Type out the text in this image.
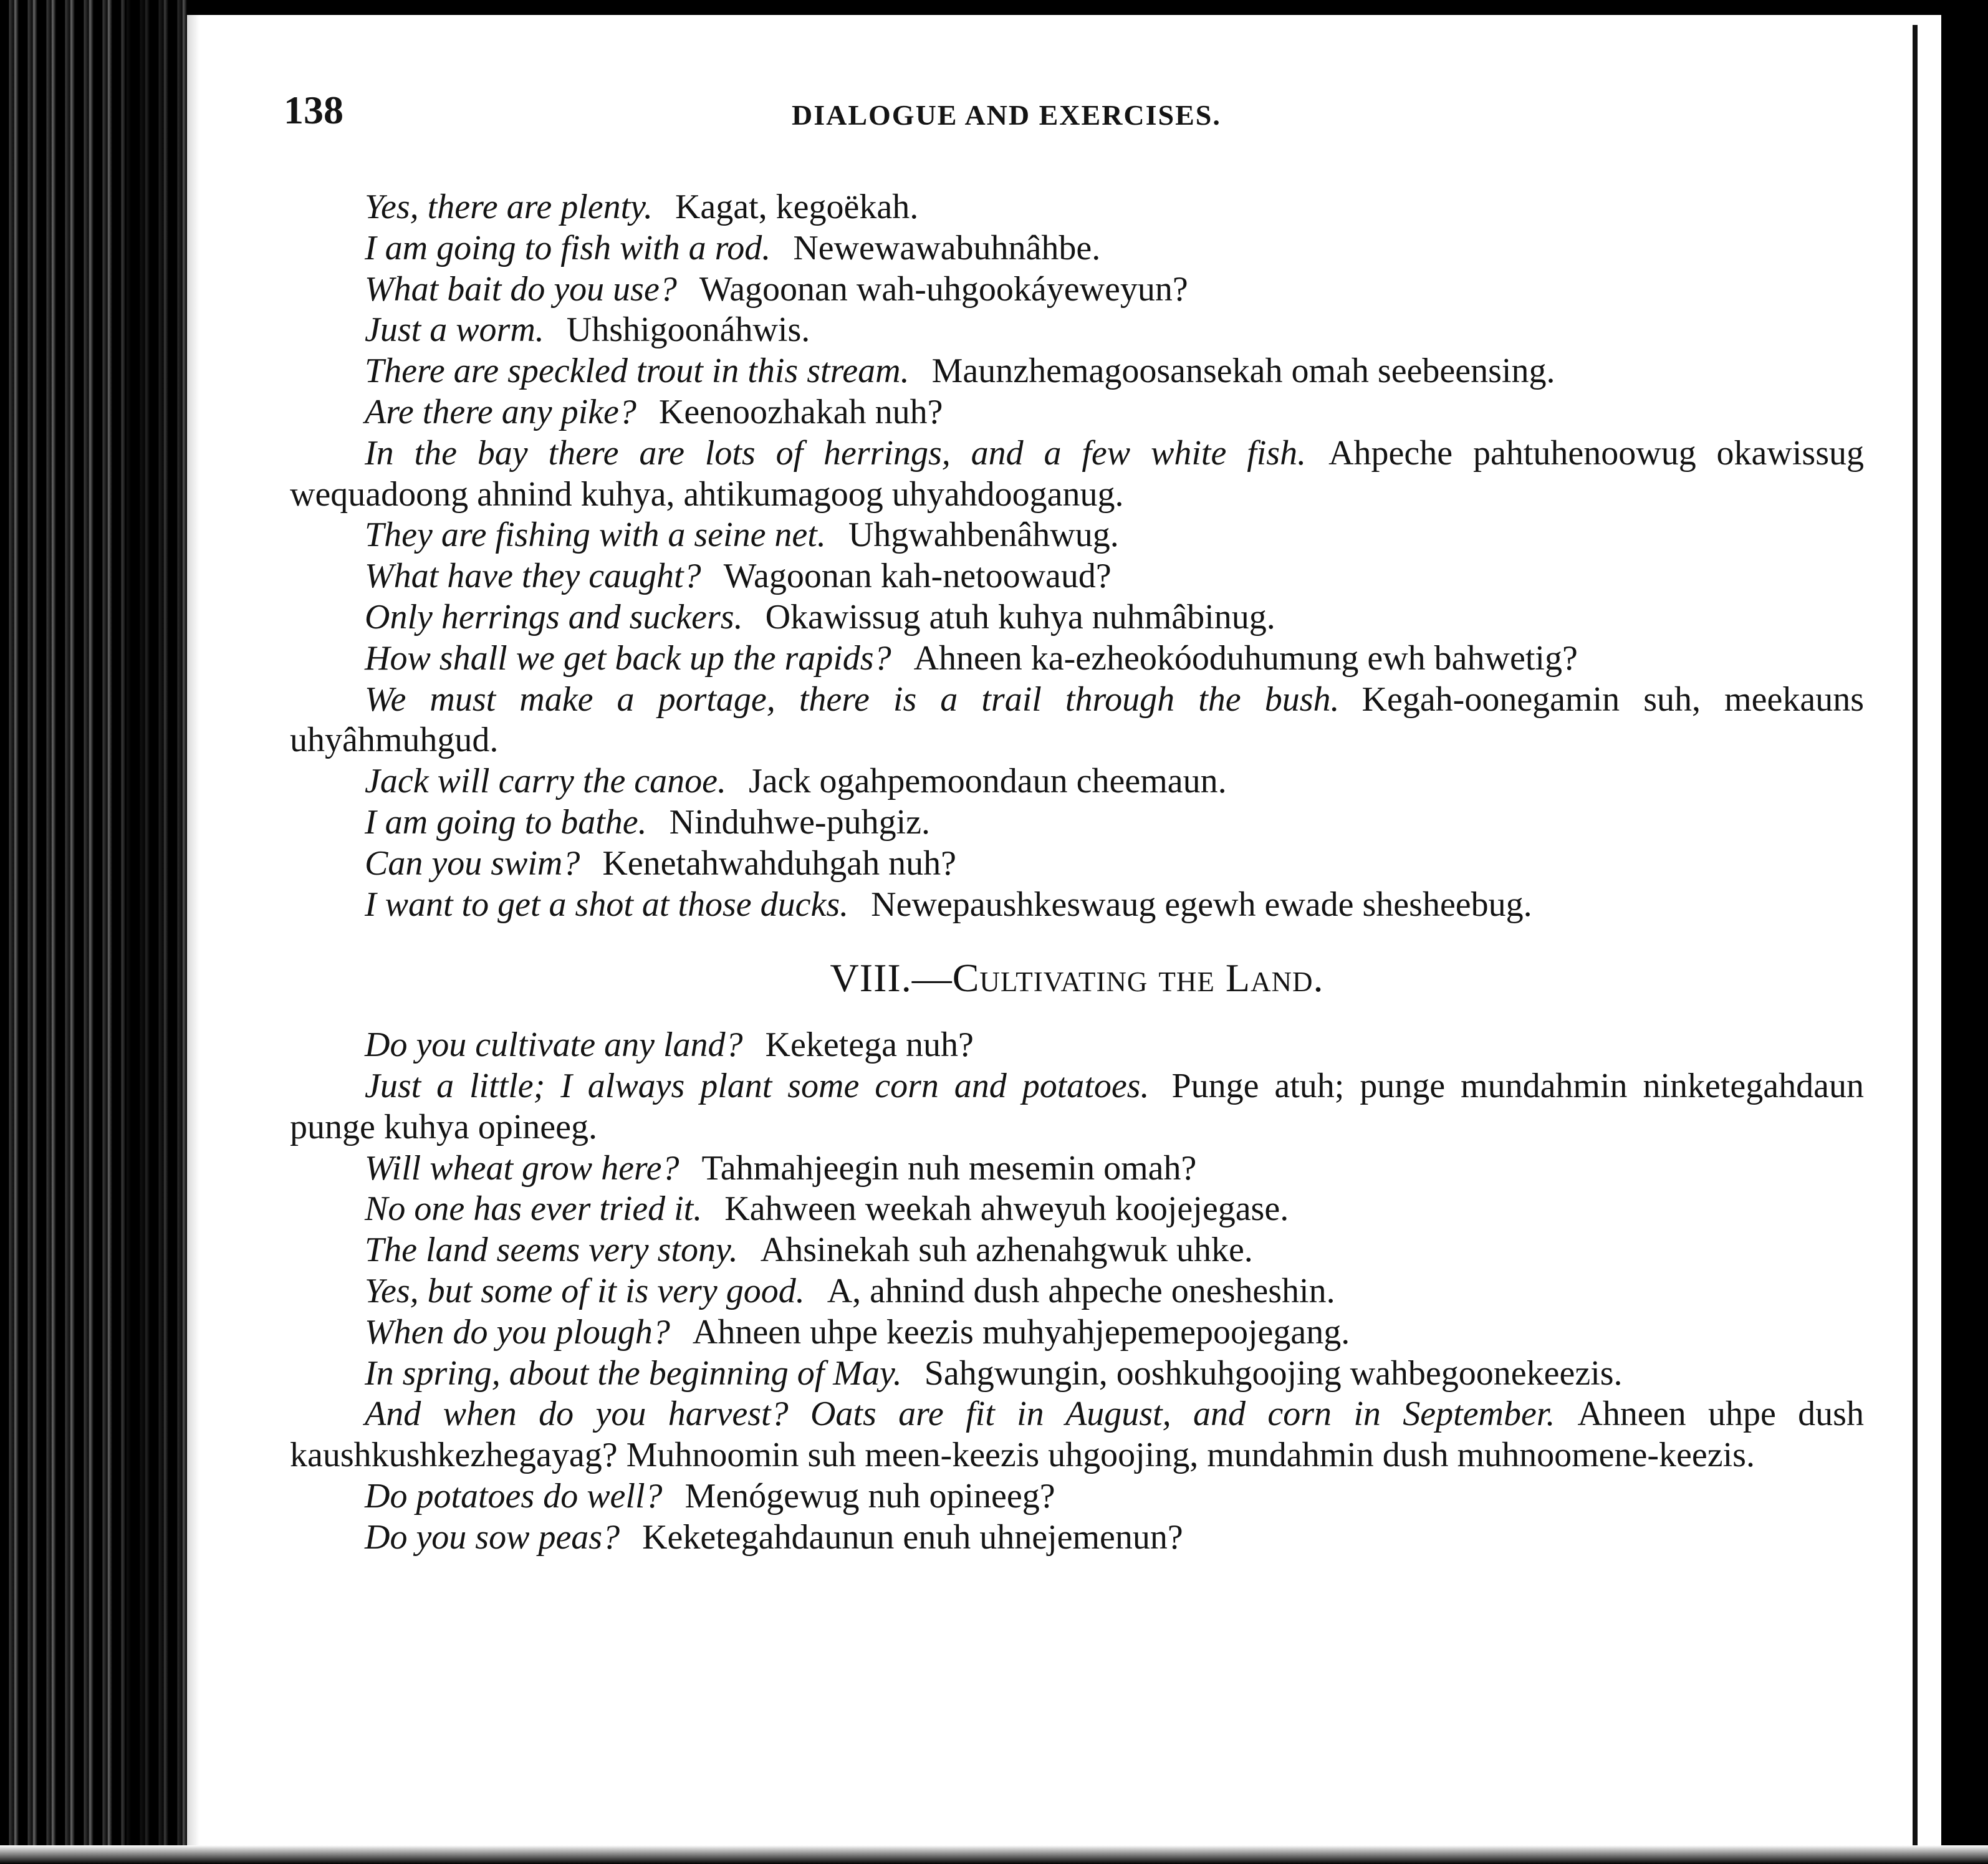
138	DIALOGUE AND EXERCISES.
Yes, there are plenty. Kagat, kegoëkah.
I am going to fish with a rod. Newewawabuhnâhbe.
What bait do you use? Wagoonan wah-uhgookáyeweyun?
Just a worm. Uhshigoonáhwis.
There are speckled trout in this stream. Maunzhemagoosansekah omah seebeensing.
Are there any pike? Keenoozhakah nuh?
In the bay there are lots of herrings, and a few white fish. Ahpeche pahtuhenoowug okawissug wequadoong ahnind kuhya, ahtikumagoog uhyahdooganug.
They are fishing with a seine net. Uhgwahbenâhwug.
What have they caught? Wagoonan kah-netoowaud?
Only herrings and suckers. Okawissug atuh kuhya nuhmâbinug.
How shall we get back up the rapids? Ahneen ka-ezheokóoduhumung ewh bahwetig?
We must make a portage, there is a trail through the bush. Kegah-oonegamin suh, meekauns uhyâhmuhgud.
Jack will carry the canoe. Jack ogahpemoondaun cheemaun.
I am going to bathe. Ninduhwe-puhgiz.
Can you swim? Kenetahwahduhgah nuh?
I want to get a shot at those ducks. Newepaushkeswaug egewh ewade shesheebug.
VIII.—Cultivating the Land.
Do you cultivate any land? Keketega nuh?
Just a little; I always plant some corn and potatoes. Punge atuh; punge mundahmin ninketegahdaun punge kuhya opineeg.
Will wheat grow here? Tahmahjeegin nuh mesemin omah?
No one has ever tried it. Kahween weekah ahweyuh koojejegase.
The land seems very stony. Ahsinekah suh azhenahgwuk uhke.
Yes, but some of it is very good. A, ahnind dush ahpeche onesheshin.
When do you plough? Ahneen uhpe keezis muhyahjepemepoojegang.
In spring, about the beginning of May. Sahgwungin, ooshkuhgoojing wahbegoonekeezis.
And when do you harvest? Oats are fit in August, and corn in September. Ahneen uhpe dush kaushkushkezhegayag? Muhnoomin suh meen-keezis uhgoojing, mundahmin dush muhnoomene-keezis.
Do potatoes do well? Menógewug nuh opineeg?
Do you sow peas? Keketegahdaunun enuh uhnejemenun?
